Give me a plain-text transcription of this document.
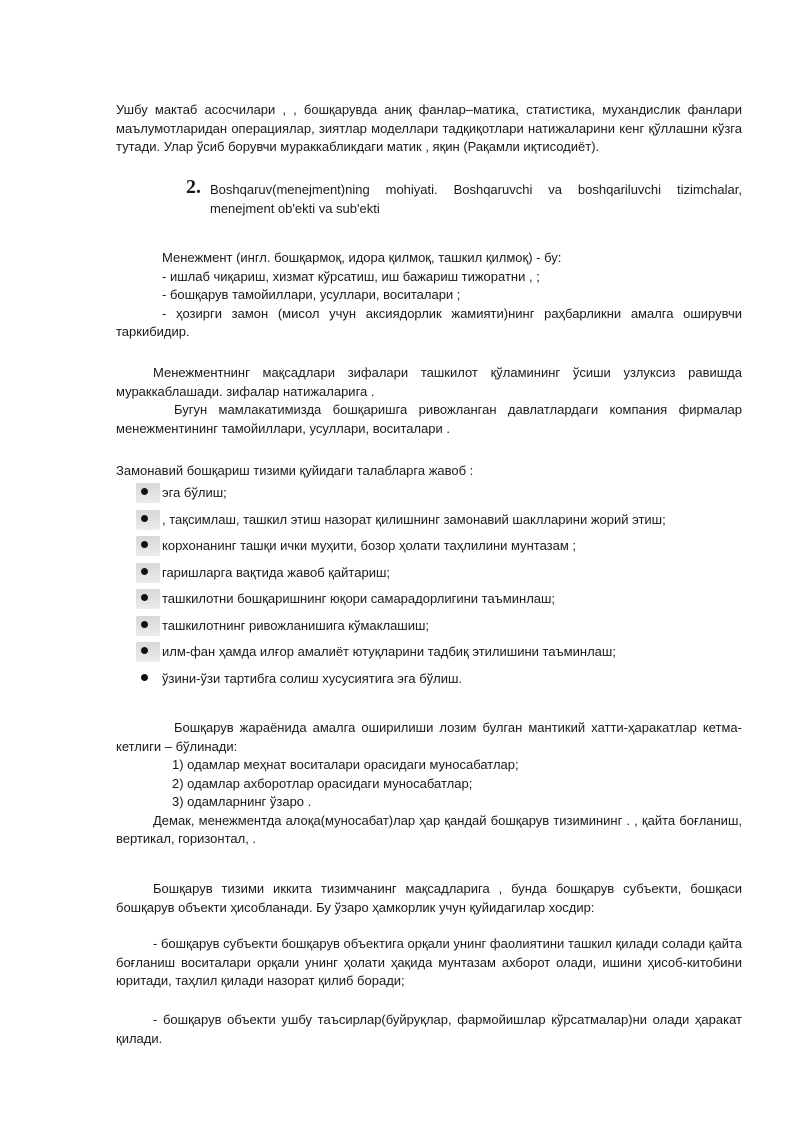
Ушбу мактаб асосчилари , , бошқарувда аниқ фанлар–матика, статистика, мухандислик фанлари маълумотларидан операциялар, зиятлар моделлари тадқиқотлари натижаларини кенг қўллашни кўзга тутади. Улар ўсиб борувчи мураккабликдаги матик , яқин (Рақамли иқтисодиёт).
2. Boshqaruv(menejment)ning mohiyati. Boshqaruvchi va boshqariluvchi tizimchalar, menejment ob'ekti va sub'ekti

Менежмент (ингл. бошқармоқ, идора қилмоқ, ташкил қилмоқ) - бу:

- ишлаб чиқариш, хизмат кўрсатиш, иш бажариш тижоратни , ;

- бошқарув тамойиллари, усуллари, воситалари ;

- ҳозирги замон (мисол учун аксиядорлик жамияти)нинг раҳбарликни амалга оширувчи таркибидир.

Менежментнинг мақсадлари зифалари ташкилот қўламининг ўсиши узлуксиз равишда мураккаблашади. зифалар натижаларига .

Бугун мамлакатимизда бошқаришга ривожланган давлатлардаги компания фирмалар менежментининг тамойиллари, усуллари, воситалари .

Замонавий бошқариш тизими қуйидаги талабларга жавоб :
эга бўлиш;
, тақсимлаш, ташкил этиш назорат қилишнинг замонавий шаклларини жорий этиш;
корхонанинг ташқи ички муҳити, бозор ҳолати таҳлилини мунтазам ;
гаришларга вақтида жавоб қайтариш;
ташкилотни бошқаришнинг юқори самарадорлигини таъминлаш;
ташкилотнинг ривожланишига кўмаклашиш;
илм-фан ҳамда илғор амалиёт ютуқларини тадбиқ этилишини таъминлаш;
ўзини-ўзи тартибга солиш хусусиятига эга бўлиш.

Бошқарув жараёнида амалга оширилиши лозим булган мантикий хатти-ҳаракатлар кетма-кетлиги – бўлинади:

1) одамлар меҳнат воситалари орасидаги муносабатлар;

2) одамлар ахборотлар орасидаги муносабатлар;

3) одамларнинг ўзаро .

Демак, менежментда алоқа(муносабат)лар ҳар қандай бошқарув тизимининг . , қайта боғланиш, вертикал, горизонтал, .

Бошқарув тизими иккита тизимчанинг мақсадларига , бунда бошқарув субъекти, бошқаси бошқарув объекти ҳисобланади. Бу ўзаро ҳамкорлик учун қуйидагилар хосдир:
- бошқарув субъекти бошқарув объектига орқали унинг фаолиятини ташкил қилади солади қайта боғланиш воситалари орқали унинг ҳолати ҳақида мунтазам ахборот олади, ишини ҳисоб-китобини юритади, таҳлил қилади назорат қилиб боради;
- бошқарув объекти ушбу таъсирлар(буйруқлар, фармойишлар кўрсатмалар)ни олади ҳаракат қилади.
